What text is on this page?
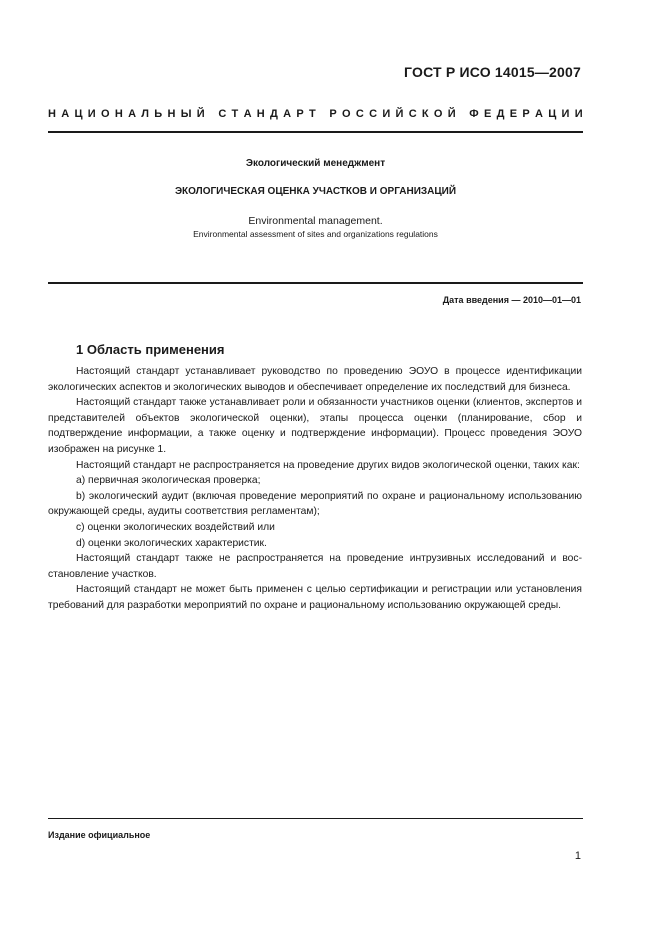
ГОСТ Р ИСО 14015—2007
Н А Ц И О Н А Л Ь Н Ы Й
С Т А Н Д А Р Т
Р О С С И Й С К О Й
Ф Е Д Е Р А Ц И И
Экологический менеджмент
ЭКОЛОГИЧЕСКАЯ ОЦЕНКА УЧАСТКОВ И ОРГАНИЗАЦИЙ
Environmental management.
Environmental assessment of sites and organizations regulations
Дата введения — 2010—01—01
1 Область применения

Настоящий стандарт устанавливает руководство по проведению ЭОУО в процессе идентификации экологических аспектов и экологических выводов и обеспечивает определение их последствий для бизнеса.

Настоящий стандарт также устанавливает роли и обязанности участников оценки (клиентов, экспертов и представителей объектов экологической оценки), этапы процесса оценки (планирование, сбор и подтверждение информации, а также оценку и подтверждение информации). Процесс проведения ЭОУО изображен на рисунке 1.

Настоящий стандарт не распространяется на проведение других видов экологической оценки, таких как:

a) первичная экологическая проверка;

b) экологический аудит (включая проведение мероприятий по охране и рациональному использованию окружающей среды, аудиты соответствия регламентам);

c) оценки экологических воздействий или

d) оценки экологических характеристик.

Настоящий стандарт также не распространяется на проведение интрузивных исследований и восстановление участков.

Настоящий стандарт не может быть применен с целью сертификации и регистрации или установления требований для разработки мероприятий по охране и рациональному использованию окружающей среды.

Издание официальное
1
